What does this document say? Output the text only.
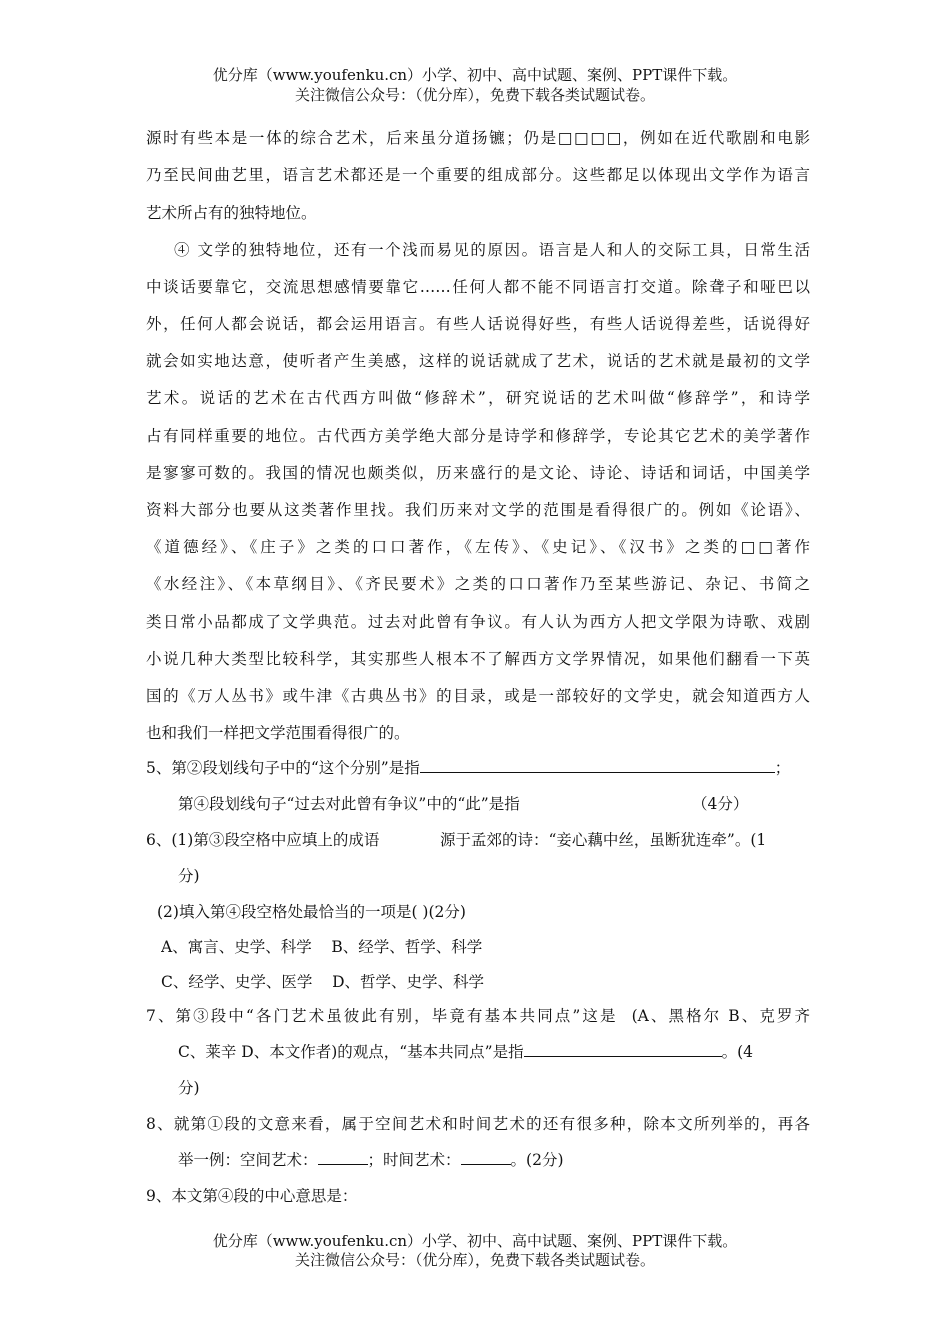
优分库（www.youfenku.cn）小学、初中、高中试题、案例、PPT课件下载。
关注微信公众号：（优分库），免费下载各类试题试卷。
源时有些本是一体的综合艺术，后来虽分道扬镳；仍是□□□□，例如在近代歌剧和电影
乃至民间曲艺里，语言艺术都还是一个重要的组成部分。这些都足以体现出文学作为语言
艺术所占有的独特地位。
④ 文学的独特地位，还有一个浅而易见的原因。语言是人和人的交际工具，日常生活
中谈话要靠它，交流思想感情要靠它……任何人都不能不同语言打交道。除聋子和哑巴以
外，任何人都会说话，都会运用语言。有些人话说得好些，有些人话说得差些，话说得好
就会如实地达意，使听者产生美感，这样的说话就成了艺术，说话的艺术就是最初的文学
艺术。说话的艺术在古代西方叫做“修辞术”，研究说话的艺术叫做“修辞学”，和诗学
占有同样重要的地位。古代西方美学绝大部分是诗学和修辞学，专论其它艺术的美学著作
是寥寥可数的。我国的情况也颇类似，历来盛行的是文论、诗论、诗话和词话，中国美学
资料大部分也要从这类著作里找。我们历来对文学的范围是看得很广的。例如《论语》、
《道德经》、《庄子》之类的口口著作，《左传》、《史记》、《汉书》之类的□□著作
《水经注》、《本草纲目》、《齐民要术》之类的口口著作乃至某些游记、杂记、书简之
类日常小品都成了文学典范。过去对此曾有争议。有人认为西方人把文学限为诗歌、戏剧
小说几种大类型比较科学，其实那些人根本不了解西方文学界情况，如果他们翻看一下英
国的《万人丛书》或牛津《古典丛书》的目录，或是一部较好的文学史，就会知道西方人
也和我们一样把文学范围看得很广的。
5、第②段划线句子中的“这个分别”是指	；
第④段划线句子“过去对此曾有争议”中的“此”是指	（4分）
6、(1)第③段空格中应填上的成语	源于孟郊的诗：“妾心藕中丝，虽断犹连牵”。(1
分)
(2)填入第④段空格处最恰当的一项是( )(2分)
A、寓言、史学、科学    B、经学、哲学、科学
C、经学、史学、医学    D、哲学、史学、科学
7、第③段中“各门艺术虽彼此有别，毕竟有基本共同点”这是  (A、黑格尔 B、克罗齐
C、莱辛 D、本文作者)的观点，“基本共同点”是指	。(4
分)
8、就第①段的文意来看，属于空间艺术和时间艺术的还有很多种，除本文所列举的，再各
举一例：空间艺术：	；时间艺术：	。(2分)
9、本文第④段的中心意思是：
优分库（www.youfenku.cn）小学、初中、高中试题、案例、PPT课件下载。
关注微信公众号：（优分库），免费下载各类试题试卷。
